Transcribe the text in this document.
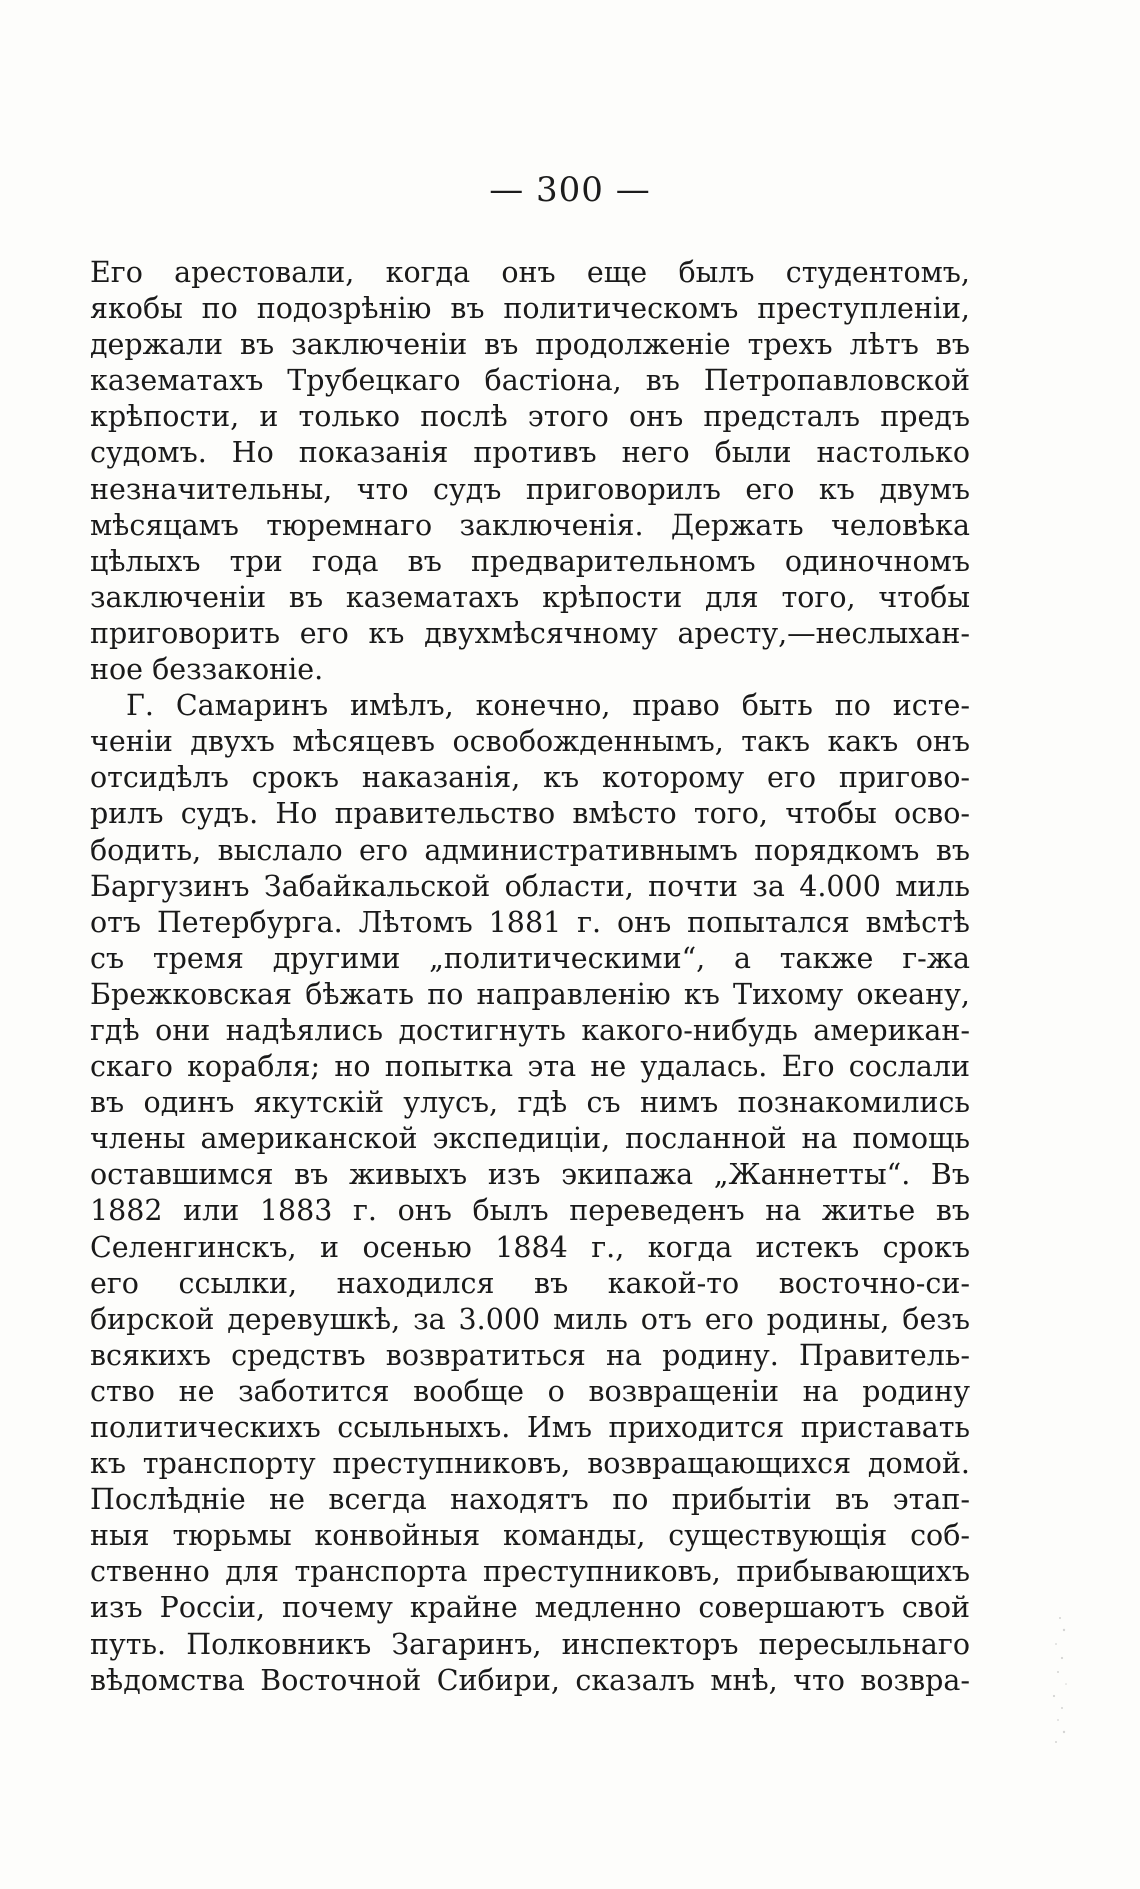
— 300 —
Его арестовали, когда онъ еще былъ студентомъ,
якобы по подозрѣнію въ политическомъ преступленіи,
держали въ заключеніи въ продолженіе трехъ лѣтъ въ
казематахъ Трубецкаго бастіона, въ Петропавловской
крѣпости, и только послѣ этого онъ предсталъ предъ
судомъ. Но показанія противъ него были настолько
незначительны, что судъ приговорилъ его къ двумъ
мѣсяцамъ тюремнаго заключенія. Держать человѣка
цѣлыхъ три года въ предварительномъ одиночномъ
заключеніи въ казематахъ крѣпости для того, чтобы
приговорить его къ двухмѣсячному аресту,—неслыхан-
ное беззаконіе.
Г. Самаринъ имѣлъ, конечно, право быть по исте-
ченіи двухъ мѣсяцевъ освобожденнымъ, такъ какъ онъ
отсидѣлъ срокъ наказанія, къ которому его пригово-
рилъ судъ. Но правительство вмѣсто того, чтобы осво-
бодить, выслало его административнымъ порядкомъ въ
Баргузинъ Забайкальской области, почти за 4.000 миль
отъ Петербурга. Лѣтомъ 1881 г. онъ попытался вмѣстѣ
съ тремя другими „политическими“, а также г-жа
Брежковская бѣжать по направленію къ Тихому океану,
гдѣ они надѣялись достигнуть какого-нибудь американ-
скаго корабля; но попытка эта не удалась. Его сослали
въ одинъ якутскій улусъ, гдѣ съ нимъ познакомились
члены американской экспедиціи, посланной на помощь
оставшимся въ живыхъ изъ экипажа „Жаннетты“. Въ
1882 или 1883 г. онъ былъ переведенъ на житье въ
Селенгинскъ, и осенью 1884 г., когда истекъ срокъ
его ссылки, находился въ какой-то восточно-си-
бирской деревушкѣ, за 3.000 миль отъ его родины, безъ
всякихъ средствъ возвратиться на родину. Правитель-
ство не заботится вообще о возвращеніи на родину
политическихъ ссыльныхъ. Имъ приходится приставать
къ транспорту преступниковъ, возвращающихся домой.
Послѣдніе не всегда находятъ по прибытіи въ этап-
ныя тюрьмы конвойныя команды, существующія соб-
ственно для транспорта преступниковъ, прибывающихъ
изъ Россіи, почему крайне медленно совершаютъ свой
путь. Полковникъ Загаринъ, инспекторъ пересыльнаго
вѣдомства Восточной Сибири, сказалъ мнѣ, что возвра-
